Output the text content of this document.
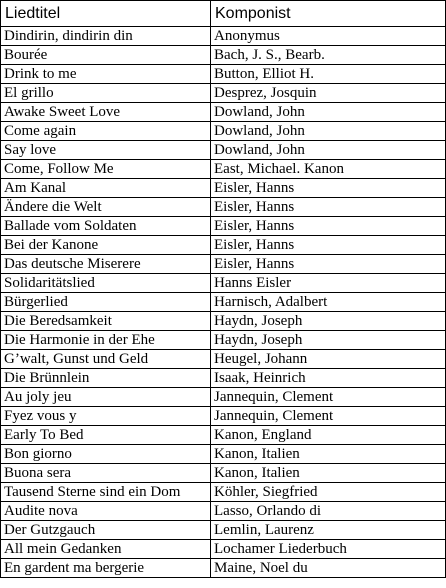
Liedtitel	Komponist
Dindirin, dindirin din	Anonymus
Bourée	Bach, J. S., Bearb.
Drink to me	Button, Elliot H.
El grillo	Desprez, Josquin
Awake Sweet Love	Dowland, John
Come again	Dowland, John
Say love	Dowland, John
Come, Follow Me	East, Michael. Kanon
Am Kanal	Eisler, Hanns
Ändere die Welt	Eisler, Hanns
Ballade vom Soldaten	Eisler, Hanns
Bei der Kanone	Eisler, Hanns
Das deutsche Miserere	Eisler, Hanns
Solidaritätslied	Hanns Eisler
Bürgerlied	Harnisch, Adalbert
Die Beredsamkeit	Haydn, Joseph
Die Harmonie in der Ehe	Haydn, Joseph
G’walt, Gunst und Geld	Heugel, Johann
Die Brünnlein	Isaak, Heinrich
Au joly jeu	Jannequin, Clement
Fyez vous y	Jannequin, Clement
Early To Bed	Kanon, England
Bon giorno	Kanon, Italien
Buona sera	Kanon, Italien
Tausend Sterne sind ein Dom	Köhler, Siegfried
Audite nova	Lasso, Orlando di
Der Gutzgauch	Lemlin, Laurenz
All mein Gedanken	Lochamer Liederbuch
En gardent ma bergerie	Maine, Noel du
